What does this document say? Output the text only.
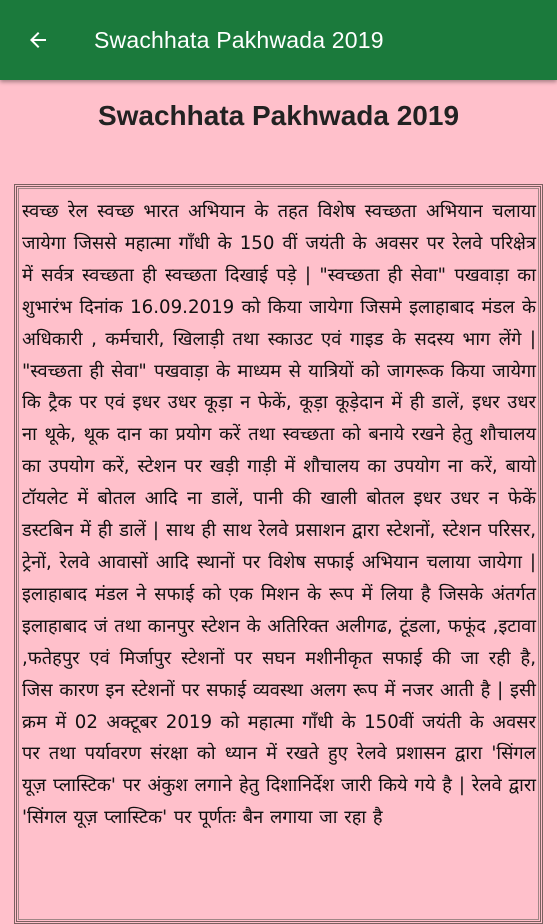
Swachhata Pakhwada 2019
Swachhata Pakhwada 2019
स्वच्छ रेल स्वच्छ भारत अभियान के तहत विशेष स्वच्छता अभियान चलाया जायेगा जिससे महात्मा गाँधी के 150 वीं जयंती के अवसर पर रेलवे परिक्षेत्र में सर्वत्र स्वच्छता ही स्वच्छता दिखाई पड़े | "स्वच्छता ही सेवा" पखवाड़ा का शुभारंभ दिनांक 16.09.2019 को किया जायेगा जिसमे इलाहाबाद मंडल के अधिकारी , कर्मचारी, खिलाड़ी तथा स्काउट एवं गाइड के सदस्य भाग लेंगे | "स्वच्छता ही सेवा" पखवाड़ा के माध्यम से यात्रियों को जागरूक किया जायेगा कि ट्रैक पर एवं इधर उधर कूड़ा न फेकें, कूड़ा कूड़ेदान में ही डालें, इधर उधर ना थूके, थूक दान का प्रयोग करें तथा स्वच्छता को बनाये रखने हेतु शौचालय का उपयोग करें, स्टेशन पर खड़ी गाड़ी में शौचालय का उपयोग ना करें, बायो टॉयलेट में बोतल आदि ना डालें, पानी की खाली बोतल इधर उधर न फेकें डस्टबिन में ही डालें | साथ ही साथ रेलवे प्रसाशन द्वारा स्टेशनों, स्टेशन परिसर, ट्रेनों, रेलवे आवासों आदि स्थानों पर विशेष सफाई अभियान चलाया जायेगा | इलाहाबाद मंडल ने सफाई को एक मिशन के रूप में लिया है जिसके अंतर्गत इलाहाबाद जं तथा कानपुर स्टेशन के अतिरिक्त अलीगढ, टूंडला, फफूंद ,इटावा ,फतेहपुर एवं मिर्जापुर स्टेशनों पर सघन मशीनीकृत सफाई की जा रही है, जिस कारण इन स्टेशनों पर सफाई व्यवस्था अलग रूप में नजर आती है | इसी क्रम में 02 अक्टूबर 2019 को महात्मा गाँधी के 150वीं जयंती के अवसर पर तथा पर्यावरण संरक्षा को ध्यान में रखते हुए रेलवे प्रशासन द्वारा 'सिंगल यूज़ प्लास्टिक' पर अंकुश लगाने हेतु दिशानिर्देश जारी किये गये है | रेलवे द्वारा 'सिंगल यूज़ प्लास्टिक' पर पूर्णतः बैन लगाया जा रहा है
